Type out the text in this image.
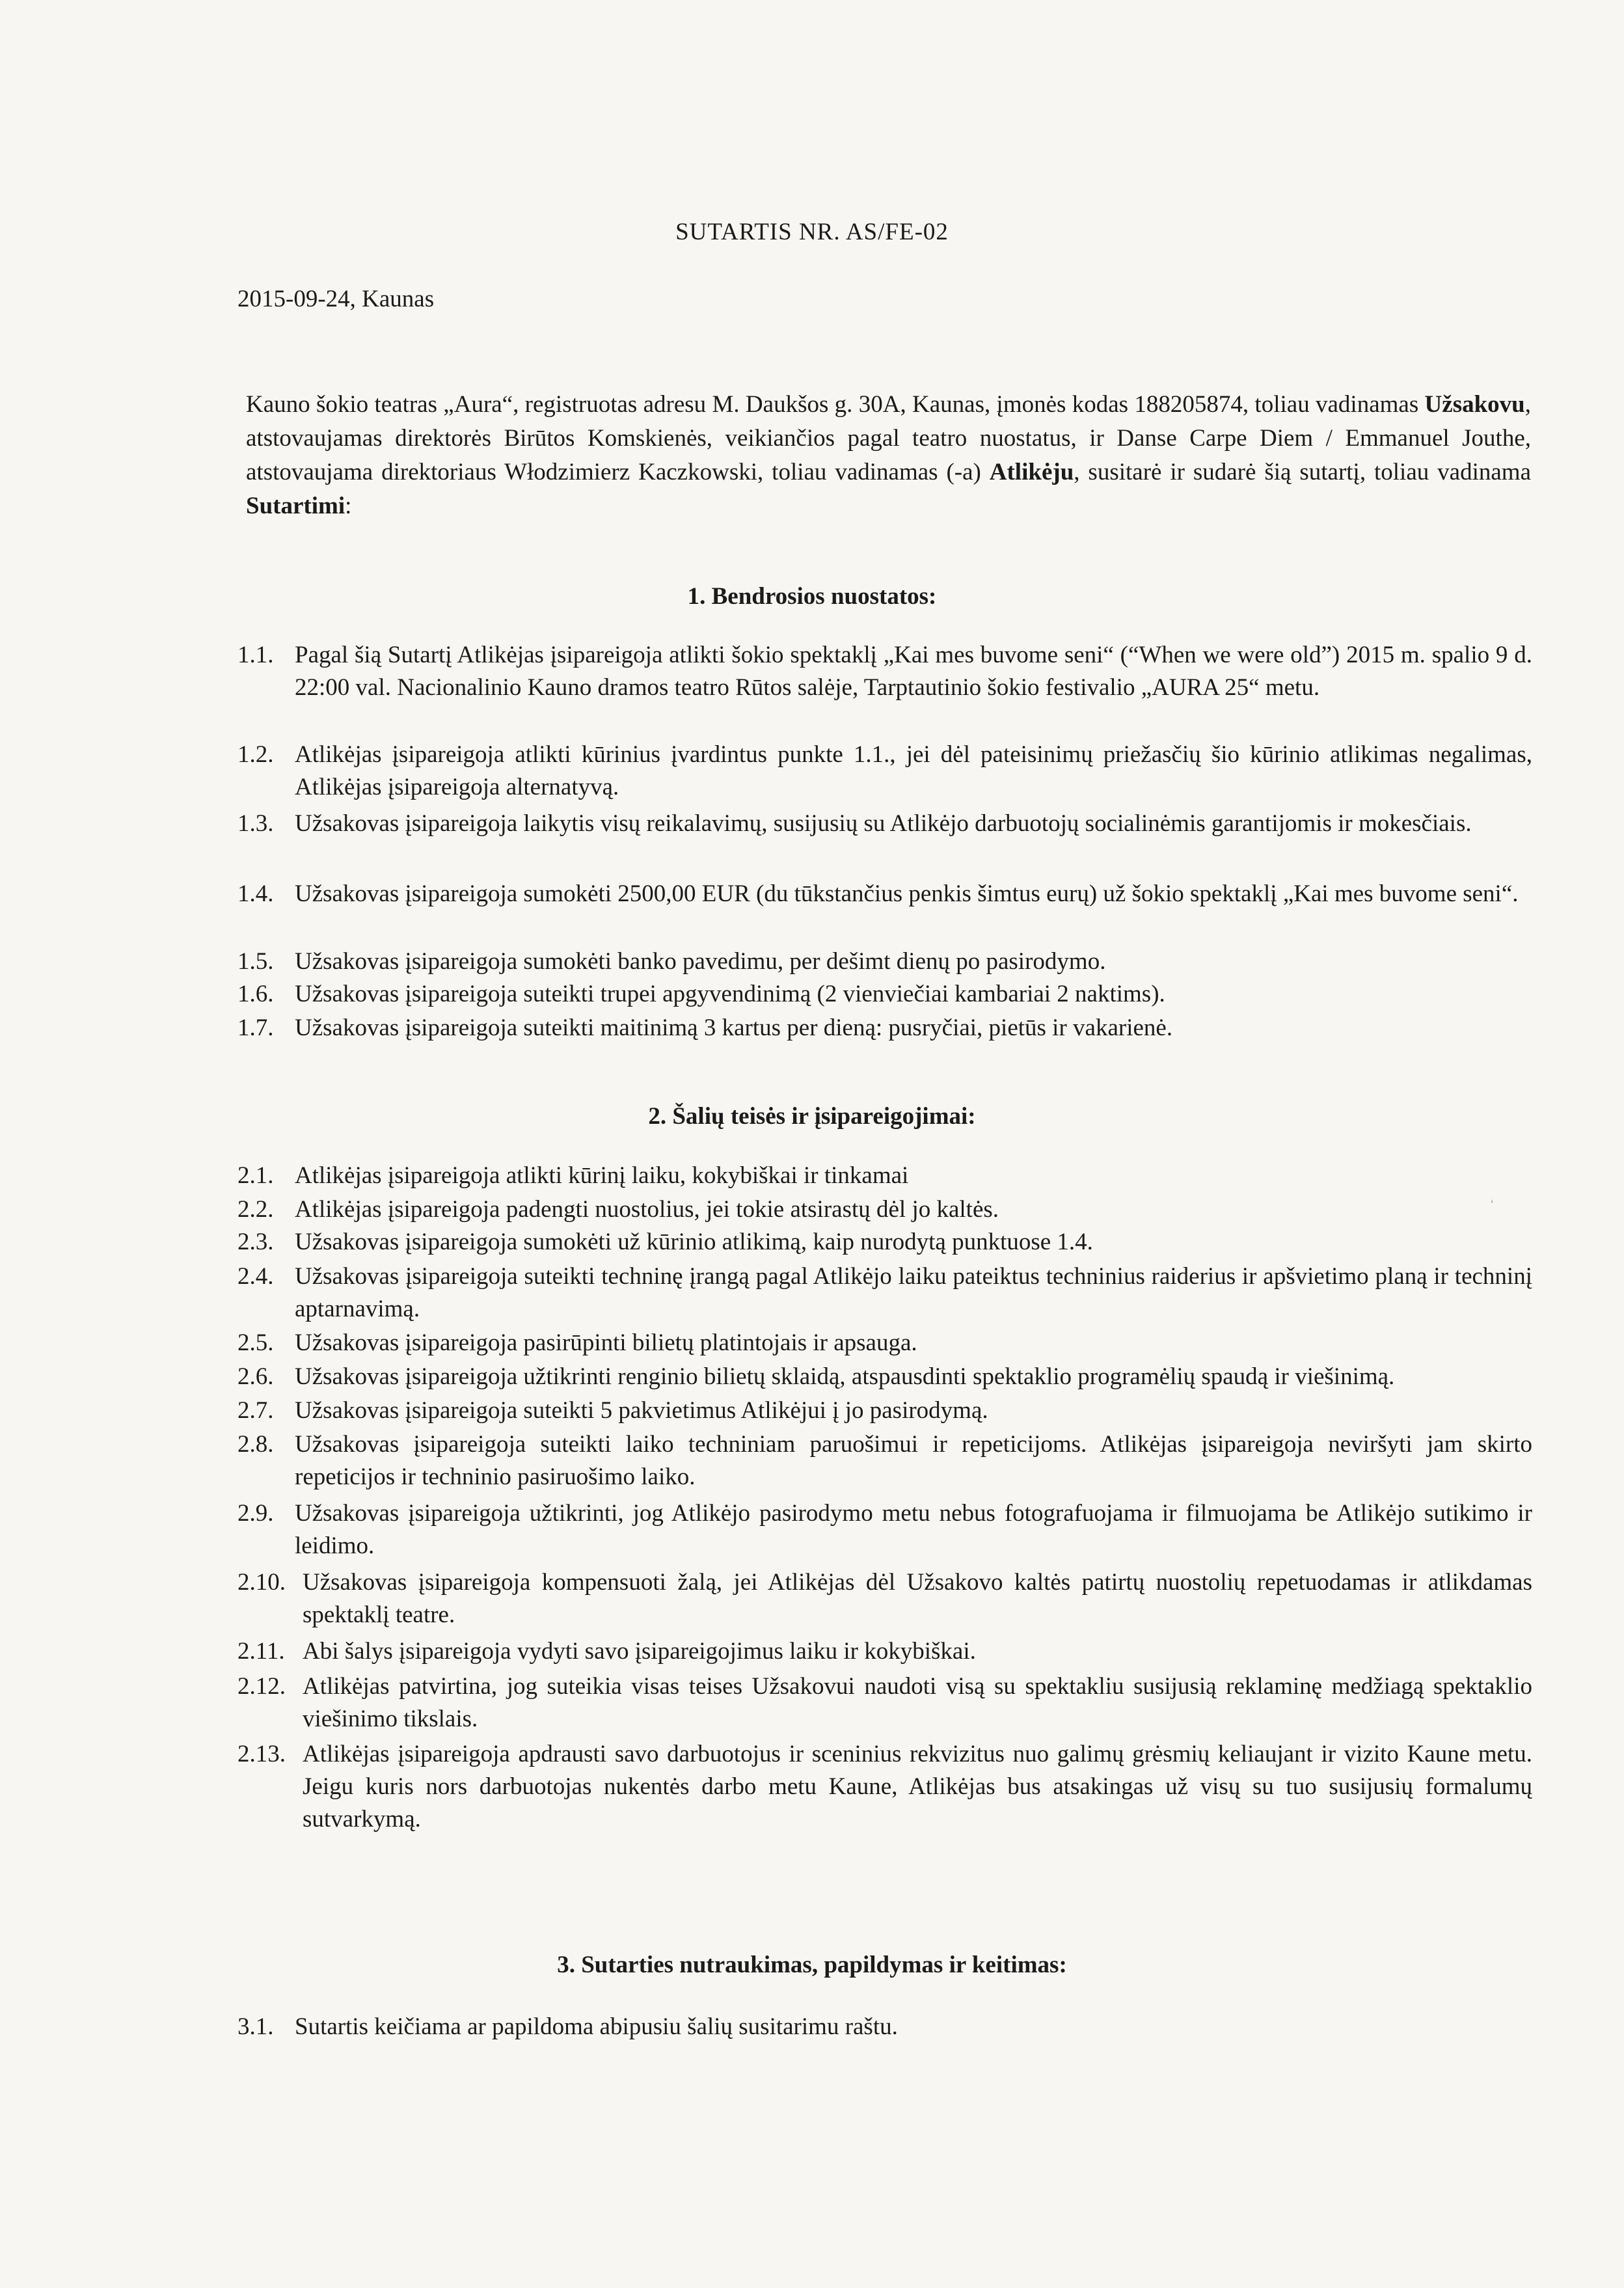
SUTARTIS NR. AS/FE-02
2015-09-24, Kaunas
Kauno šokio teatras „Aura“, registruotas adresu M. Daukšos g. 30A, Kaunas, įmonės kodas 188205874, toliau vadinamas Užsakovu, atstovaujamas direktorės Birūtos Komskienės, veikiančios pagal teatro nuostatus, ir Danse Carpe Diem / Emmanuel Jouthe, atstovaujama direktoriaus Włodzimierz Kaczkowski, toliau vadinamas (-a) Atlikėju, susitarė ir sudarė šią sutartį, toliau vadinama Sutartimi:
1. Bendrosios nuostatos:
1.1. Pagal šią Sutartį Atlikėjas įsipareigoja atlikti šokio spektaklį „Kai mes buvome seni“ (“When we were old”) 2015 m. spalio 9 d. 22:00 val. Nacionalinio Kauno dramos teatro Rūtos salėje, Tarptautinio šokio festivalio „AURA 25“ metu.
1.2. Atlikėjas įsipareigoja atlikti kūrinius įvardintus punkte 1.1., jei dėl pateisinimų priežasčių šio kūrinio atlikimas negalimas, Atlikėjas įsipareigoja alternatyvą.
1.3. Užsakovas įsipareigoja laikytis visų reikalavimų, susijusių su Atlikėjo darbuotojų socialinėmis garantijomis ir mokesčiais.
1.4. Užsakovas įsipareigoja sumokėti 2500,00 EUR (du tūkstančius penkis šimtus eurų) už šokio spektaklį „Kai mes buvome seni“.
1.5. Užsakovas įsipareigoja sumokėti banko pavedimu, per dešimt dienų po pasirodymo.
1.6. Užsakovas įsipareigoja suteikti trupei apgyvendinimą (2 vienviečiai kambariai 2 naktims).
1.7. Užsakovas įsipareigoja suteikti maitinimą 3 kartus per dieną: pusryčiai, pietūs ir vakarienė.
2. Šalių teisės ir įsipareigojimai:
2.1. Atlikėjas įsipareigoja atlikti kūrinį laiku, kokybiškai ir tinkamai
2.2. Atlikėjas įsipareigoja padengti nuostolius, jei tokie atsirastų dėl jo kaltės.
2.3. Užsakovas įsipareigoja sumokėti už kūrinio atlikimą, kaip nurodytą punktuose 1.4.
2.4. Užsakovas įsipareigoja suteikti techninę įrangą pagal Atlikėjo laiku pateiktus techninius raiderius ir apšvietimo planą ir techninį aptarnavimą.
2.5. Užsakovas įsipareigoja pasirūpinti bilietų platintojais ir apsauga.
2.6. Užsakovas įsipareigoja užtikrinti renginio bilietų sklaidą, atspausdinti spektaklio programėlių spaudą ir viešinimą.
2.7. Užsakovas įsipareigoja suteikti 5 pakvietimus Atlikėjui į jo pasirodymą.
2.8. Užsakovas įsipareigoja suteikti laiko techniniam paruošimui ir repeticijoms. Atlikėjas įsipareigoja neviršyti jam skirto repeticijos ir techninio pasiruošimo laiko.
2.9. Užsakovas įsipareigoja užtikrinti, jog Atlikėjo pasirodymo metu nebus fotografuojama ir filmuojama be Atlikėjo sutikimo ir leidimo.
2.10. Užsakovas įsipareigoja kompensuoti žalą, jei Atlikėjas dėl Užsakovo kaltės patirtų nuostolių repetuodamas ir atlikdamas spektaklį teatre.
2.11. Abi šalys įsipareigoja vydyti savo įsipareigojimus laiku ir kokybiškai.
2.12. Atlikėjas patvirtina, jog suteikia visas teises Užsakovui naudoti visą su spektakliu susijusią reklaminę medžiagą spektaklio viešinimo tikslais.
2.13. Atlikėjas įsipareigoja apdrausti savo darbuotojus ir sceninius rekvizitus nuo galimų grėsmių keliaujant ir vizito Kaune metu. Jeigu kuris nors darbuotojas nukentės darbo metu Kaune, Atlikėjas bus atsakingas už visų su tuo susijusių formalumų sutvarkymą.
3. Sutarties nutraukimas, papildymas ir keitimas:
3.1. Sutartis keičiama ar papildoma abipusiu šalių susitarimu raštu.
‘
